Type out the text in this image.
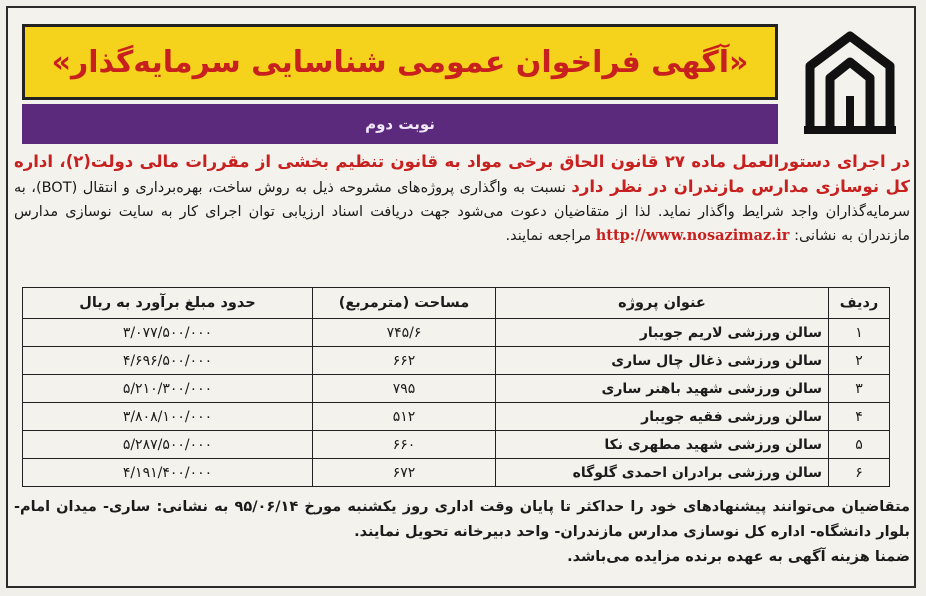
«آگهی فراخوان عمومی شناسایی سرمایه‌گذار»
نوبت دوم
در اجرای دستورالعمل ماده ۲۷ قانون الحاق برخی مواد به قانون تنظیم بخشی از مقررات مالی دولت(۲)، اداره کل نوسازی مدارس مازندران در نظر دارد نسبت به واگذاری پروژه‌های مشروحه ذیل به روش ساخت، بهره‌برداری و انتقال (BOT)، به سرمایه‌گذاران واجد شرایط واگذار نماید. لذا از متقاضیان دعوت می‌شود جهت دریافت اسناد ارزیابی توان اجرای کار به سایت نوسازی مدارس مازندران به نشانی: http://www.nosazimaz.ir مراجعه نمایند.
ردیف	عنوان پروژه	مساحت (مترمربع)	حدود مبلغ برآورد به ریال
۱	سالن ورزشی لاریم جویبار	۷۴۵/۶	۳/۰۷۷/۵۰۰/۰۰۰
۲	سالن ورزشی ذغال چال ساری	۶۶۲	۴/۶۹۶/۵۰۰/۰۰۰
۳	سالن ورزشی شهید باهنر ساری	۷۹۵	۵/۲۱۰/۳۰۰/۰۰۰
۴	سالن ورزشی فقیه جویبار	۵۱۲	۳/۸۰۸/۱۰۰/۰۰۰
۵	سالن ورزشی شهید مطهری نکا	۶۶۰	۵/۲۸۷/۵۰۰/۰۰۰
۶	سالن ورزشی برادران احمدی گلوگاه	۶۷۲	۴/۱۹۱/۴۰۰/۰۰۰
متقاضیان می‌توانند پیشنهادهای خود را حداکثر تا پایان وقت اداری روز یکشنبه مورخ ۹۵/۰۶/۱۴ به نشانی: ساری- میدان امام- بلوار دانشگاه- اداره کل نوسازی مدارس مازندران- واحد دبیرخانه تحویل نمایند.
ضمنا هزینه آگهی به عهده برنده مزایده می‌باشد.
